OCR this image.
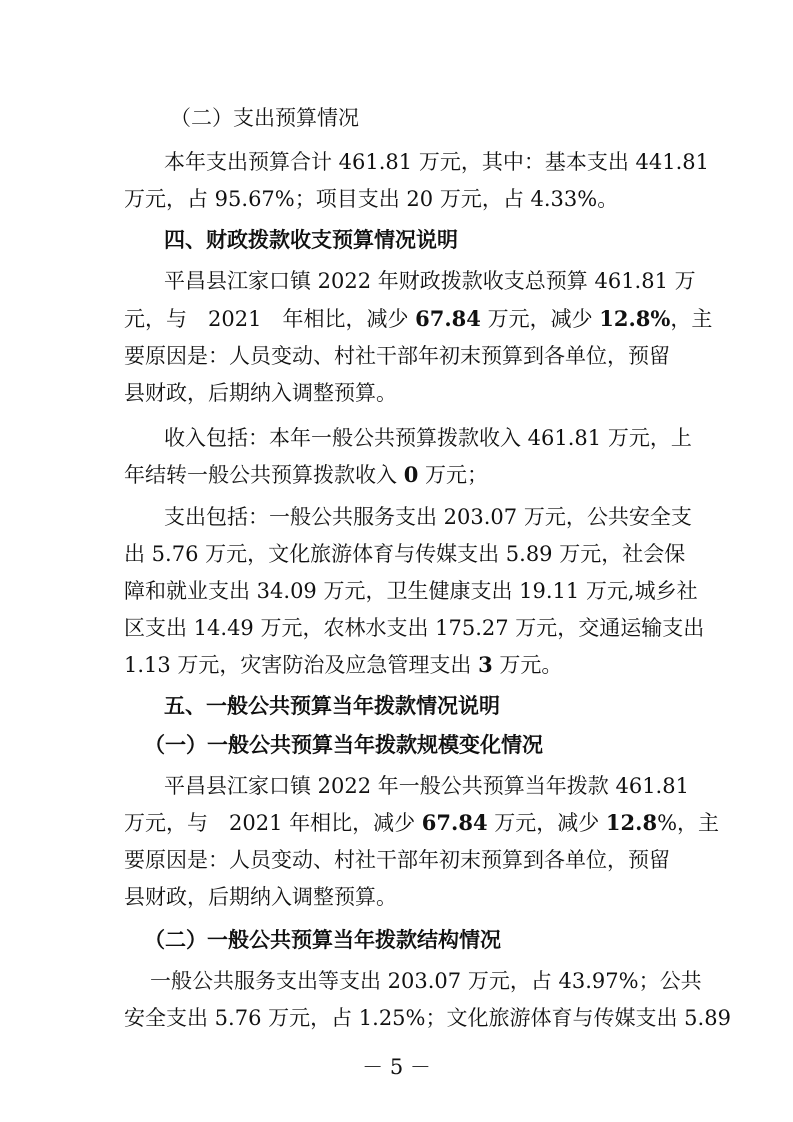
（二）支出预算情况
本年支出预算合计 461.81 万元，其中：基本支出 441.81
万元，占 95.67%；项目支出 20 万元，占 4.33%。
四、财政拨款收支预算情况说明
平昌县江家口镇 2022 年财政拨款收支总预算 461.81 万
元，与　2021　年相比，减少 67.84 万元，减少 12.8%，主
要原因是：人员变动、村社干部年初末预算到各单位，预留
县财政，后期纳入调整预算。
收入包括：本年一般公共预算拨款收入 461.81 万元，上
年结转一般公共预算拨款收入 0 万元；
支出包括：一般公共服务支出 203.07 万元，公共安全支
出 5.76 万元，文化旅游体育与传媒支出 5.89 万元，社会保
障和就业支出 34.09 万元，卫生健康支出 19.11 万元,城乡社
区支出 14.49 万元，农林水支出 175.27 万元，交通运输支出
1.13 万元，灾害防治及应急管理支出 3 万元。
五、一般公共预算当年拨款情况说明
（一）一般公共预算当年拨款规模变化情况
平昌县江家口镇 2022 年一般公共预算当年拨款 461.81
万元，与　2021 年相比，减少 67.84 万元，减少 12.8%，主
要原因是：人员变动、村社干部年初末预算到各单位，预留
县财政，后期纳入调整预算。
（二）一般公共预算当年拨款结构情况
一般公共服务支出等支出 203.07 万元，占 43.97%；公共
安全支出 5.76 万元，占 1.25%；文化旅游体育与传媒支出 5.89
－ 5 －
